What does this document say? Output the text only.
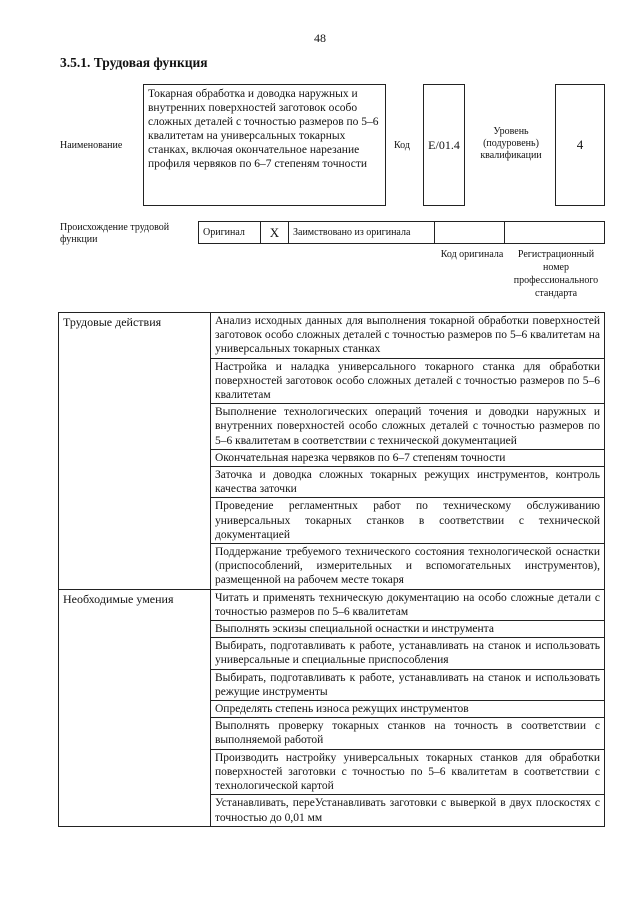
48
3.5.1. Трудовая функция
Наименование
Токарная обработка и доводка наружных и внутренних поверхностей заготовок особо сложных деталей с точностью размеров по 5–6 квалитетам на универсальных токарных станках, включая окончательное нарезание профиля червяков по 6–7 степеням точности
Код	E/01.4
Уровень (подуровень) квалификации
4
Происхождение трудовой функции
Оригинал	X	Заимствовано из оригинала
Код оригинала	Регистрационный номер профессионального стандарта
Трудовые действия	Анализ исходных данных для выполнения токарной обработки поверхностей заготовок особо сложных деталей с точностью размеров по 5–6 квалитетам на универсальных токарных станках
	Настройка и наладка универсального токарного станка для обработки поверхностей заготовок особо сложных деталей с точностью размеров по 5–6 квалитетам
	Выполнение технологических операций точения и доводки наружных и внутренних поверхностей особо сложных деталей с точностью размеров по 5–6 квалитетам в соответствии с технической документацией
	Окончательная нарезка червяков по 6–7 степеням точности
	Заточка и доводка сложных токарных режущих инструментов, контроль качества заточки
	Проведение регламентных работ по техническому обслуживанию универсальных токарных станков в соответствии с технической документацией
	Поддержание требуемого технического состояния технологической оснастки (приспособлений, измерительных и вспомогательных инструментов), размещенной на рабочем месте токаря
Необходимые умения	Читать и применять техническую документацию на особо сложные детали с точностью размеров по 5–6 квалитетам
	Выполнять эскизы специальной оснастки и инструмента
	Выбирать, подготавливать к работе, устанавливать на станок и использовать универсальные и специальные приспособления
	Выбирать, подготавливать к работе, устанавливать на станок и использовать режущие инструменты
	Определять степень износа режущих инструментов
	Выполнять проверку токарных станков на точность в соответствии с выполняемой работой
	Производить настройку универсальных токарных станков для обработки поверхностей заготовки с точностью по 5–6 квалитетам в соответствии с технологической картой
	Устанавливать, переУстанавливать заготовки с выверкой в двух плоскостях с точностью до 0,01 мм
